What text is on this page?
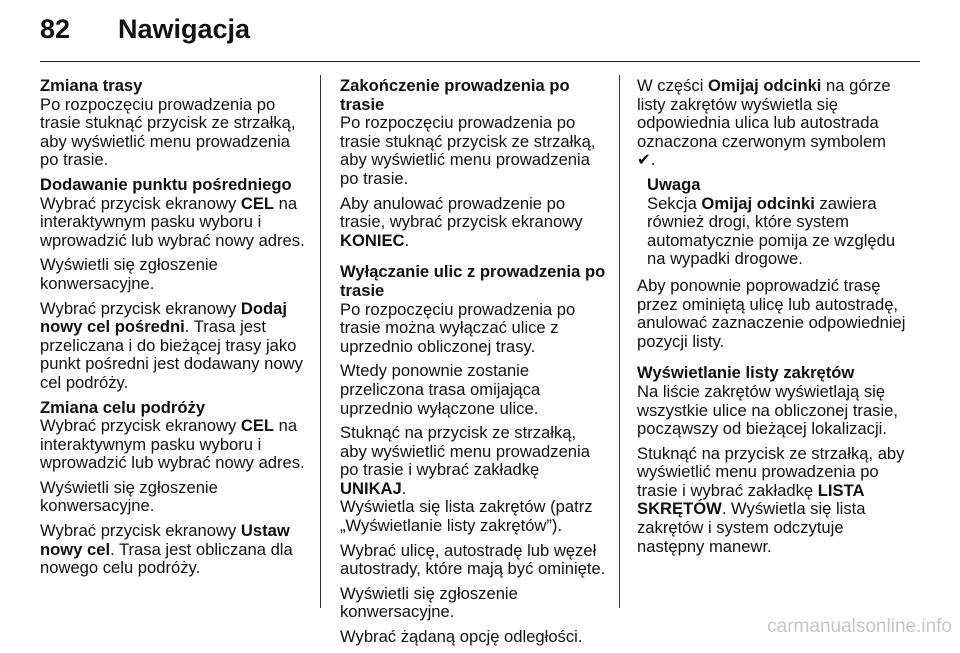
82 Nawigacja
Zmiana trasy

Po rozpoczęciu prowadzenia po trasie stuknąć przycisk ze strzałką, aby wyświetlić menu prowadzenia po trasie.

Dodawanie punktu pośredniego

Wybrać przycisk ekranowy CEL na interaktywnym pasku wyboru i wprowadzić lub wybrać nowy adres.

Wyświetli się zgłoszenie konwersacyjne.

Wybrać przycisk ekranowy Dodaj nowy cel pośredni. Trasa jest przeliczana i do bieżącej trasy jako punkt pośredni jest dodawany nowy cel podróży.

Zmiana celu podróży

Wybrać przycisk ekranowy CEL na interaktywnym pasku wyboru i wprowadzić lub wybrać nowy adres.

Wyświetli się zgłoszenie konwersacyjne.

Wybrać przycisk ekranowy Ustaw nowy cel. Trasa jest obliczana dla nowego celu podróży.

Zakończenie prowadzenia po trasie

Po rozpoczęciu prowadzenia po trasie stuknąć przycisk ze strzałką, aby wyświetlić menu prowadzenia po trasie.

Aby anulować prowadzenie po trasie, wybrać przycisk ekranowy KONIEC.

Wyłączanie ulic z prowadzenia po trasie

Po rozpoczęciu prowadzenia po trasie można wyłączać ulice z uprzednio obliczonej trasy.

Wtedy ponownie zostanie przeliczona trasa omijająca uprzednio wyłączone ulice.

Stuknąć na przycisk ze strzałką, aby wyświetlić menu prowadzenia po trasie i wybrać zakładkę UNIKAJ.
Wyświetla się lista zakrętów (patrz „Wyświetlanie listy zakrętów”).

Wybrać ulicę, autostradę lub węzeł autostrady, które mają być ominięte.

Wyświetli się zgłoszenie konwersacyjne.

Wybrać żądaną opcję odległości.

W części Omijaj odcinki na górze listy zakrętów wyświetla się odpowiednia ulica lub autostrada oznaczona czerwonym symbolem ✔.

Uwaga
Sekcja Omijaj odcinki zawiera również drogi, które system automatycznie pomija ze względu na wypadki drogowe.

Aby ponownie poprowadzić trasę przez ominiętą ulicę lub autostradę, anulować zaznaczenie odpowiedniej pozycji listy.

Wyświetlanie listy zakrętów

Na liście zakrętów wyświetlają się wszystkie ulice na obliczonej trasie, począwszy od bieżącej lokalizacji.

Stuknąć na przycisk ze strzałką, aby wyświetlić menu prowadzenia po trasie i wybrać zakładkę LISTA SKRĘTÓW. Wyświetla się lista zakrętów i system odczytuje następny manewr.

carmanualsonline.info
